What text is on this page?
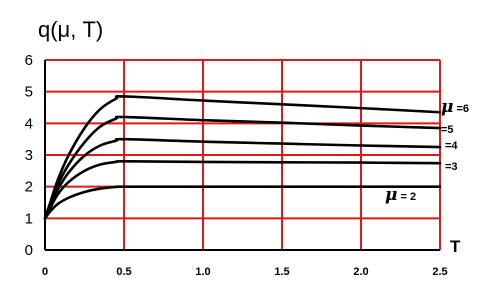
q(μ, T)
0
1
2
3
4
5
6
0	0.5	1.0	1.5	2.0	2.5
μ = 2
=3
=4
=5
μ =6
T
